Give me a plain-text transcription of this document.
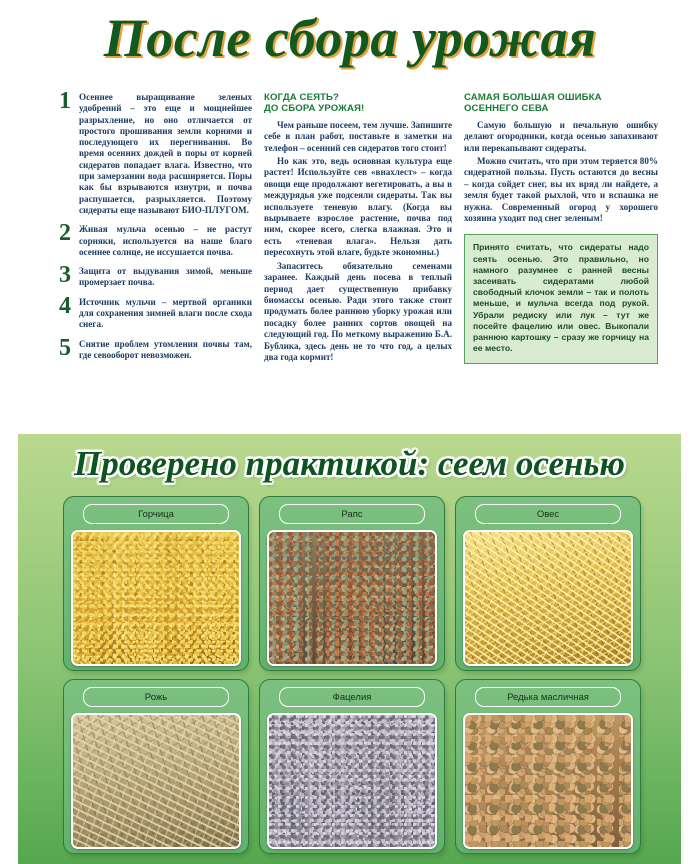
После сбора урожая
1 Осеннее выращивание зеленых удобрений – это еще и мощнейшее разрыхление, но оно отличается от простого прошивания земли корнями и последующего их перегнивания. Во время осенних дождей в поры от корней сидератов попадает влага. Известно, что при замерзании вода расширяется. Поры как бы взрываются изнутри, и почва распушается, разрыхляется. Поэтому сидераты еще называют БИО-ПЛУГОМ.
2 Живая мульча осенью – не растут сорняки, используется на наше благо осеннее солнце, не иссушается почва.
3 Защита от выдувания зимой, меньше промерзает почва.
4 Источник мульчи – мертвой органики для сохранения зимней влаги после схода снега.
5 Снятие проблем утомления почвы там, где севооборот невозможен.
КОГДА СЕЯТЬ?
ДО СБОРА УРОЖАЯ!

Чем раньше посеем, тем лучше. Запишите себе в план работ, поставьте в заметки на телефон – осенний сев сидератов того стоит!

Но как это, ведь основная культура еще растет! Используйте сев «внахлест» – когда овощи еще продолжают вегетировать, а вы в междурядья уже подсеяли сидераты. Так вы используете теневую влагу. (Когда вы вырываете взрослое растение, почва под ним, скорее всего, слегка влажная. Это и есть «теневая влага». Нельзя дать пересохнуть этой влаге, будьте экономны.)

Запаситесь обязательно семенами заранее. Каждый день посева в теплый период дает существенную прибавку биомассы осенью. Ради этого также стоит продумать более раннюю уборку урожая или посадку более ранних сортов овощей на следующий год. По меткому выражению Б.А. Бублика, здесь день не то что год, а целых два года кормит!

САМАЯ БОЛЬШАЯ ОШИБКА
ОСЕННЕГО СЕВА

Самую большую и печальную ошибку делают огородники, когда осенью запахивают или перекапывают сидераты.

Можно считать, что при этом теряется 80% сидератной пользы. Пусть остаются до весны – когда сойдет снег, вы их вряд ли найдете, а земля будет такой рыхлой, что и вспашка не нужна. Современный огород у хорошего хозяина уходит под снег зеленым!

Принято считать, что сидераты надо сеять осенью. Это правильно, но намного разумнее с ранней весны засеивать сидератами любой свободный клочок земли – так и полоть меньше, и мульча всегда под рукой. Убрали редиску или лук – тут же посейте фацелию или овес. Выкопали раннюю картошку – сразу же горчицу на ее место.

Проверено практикой: сеем осенью
Горчица	Рапс	Овес
Рожь	Фацелия	Редька масличная
